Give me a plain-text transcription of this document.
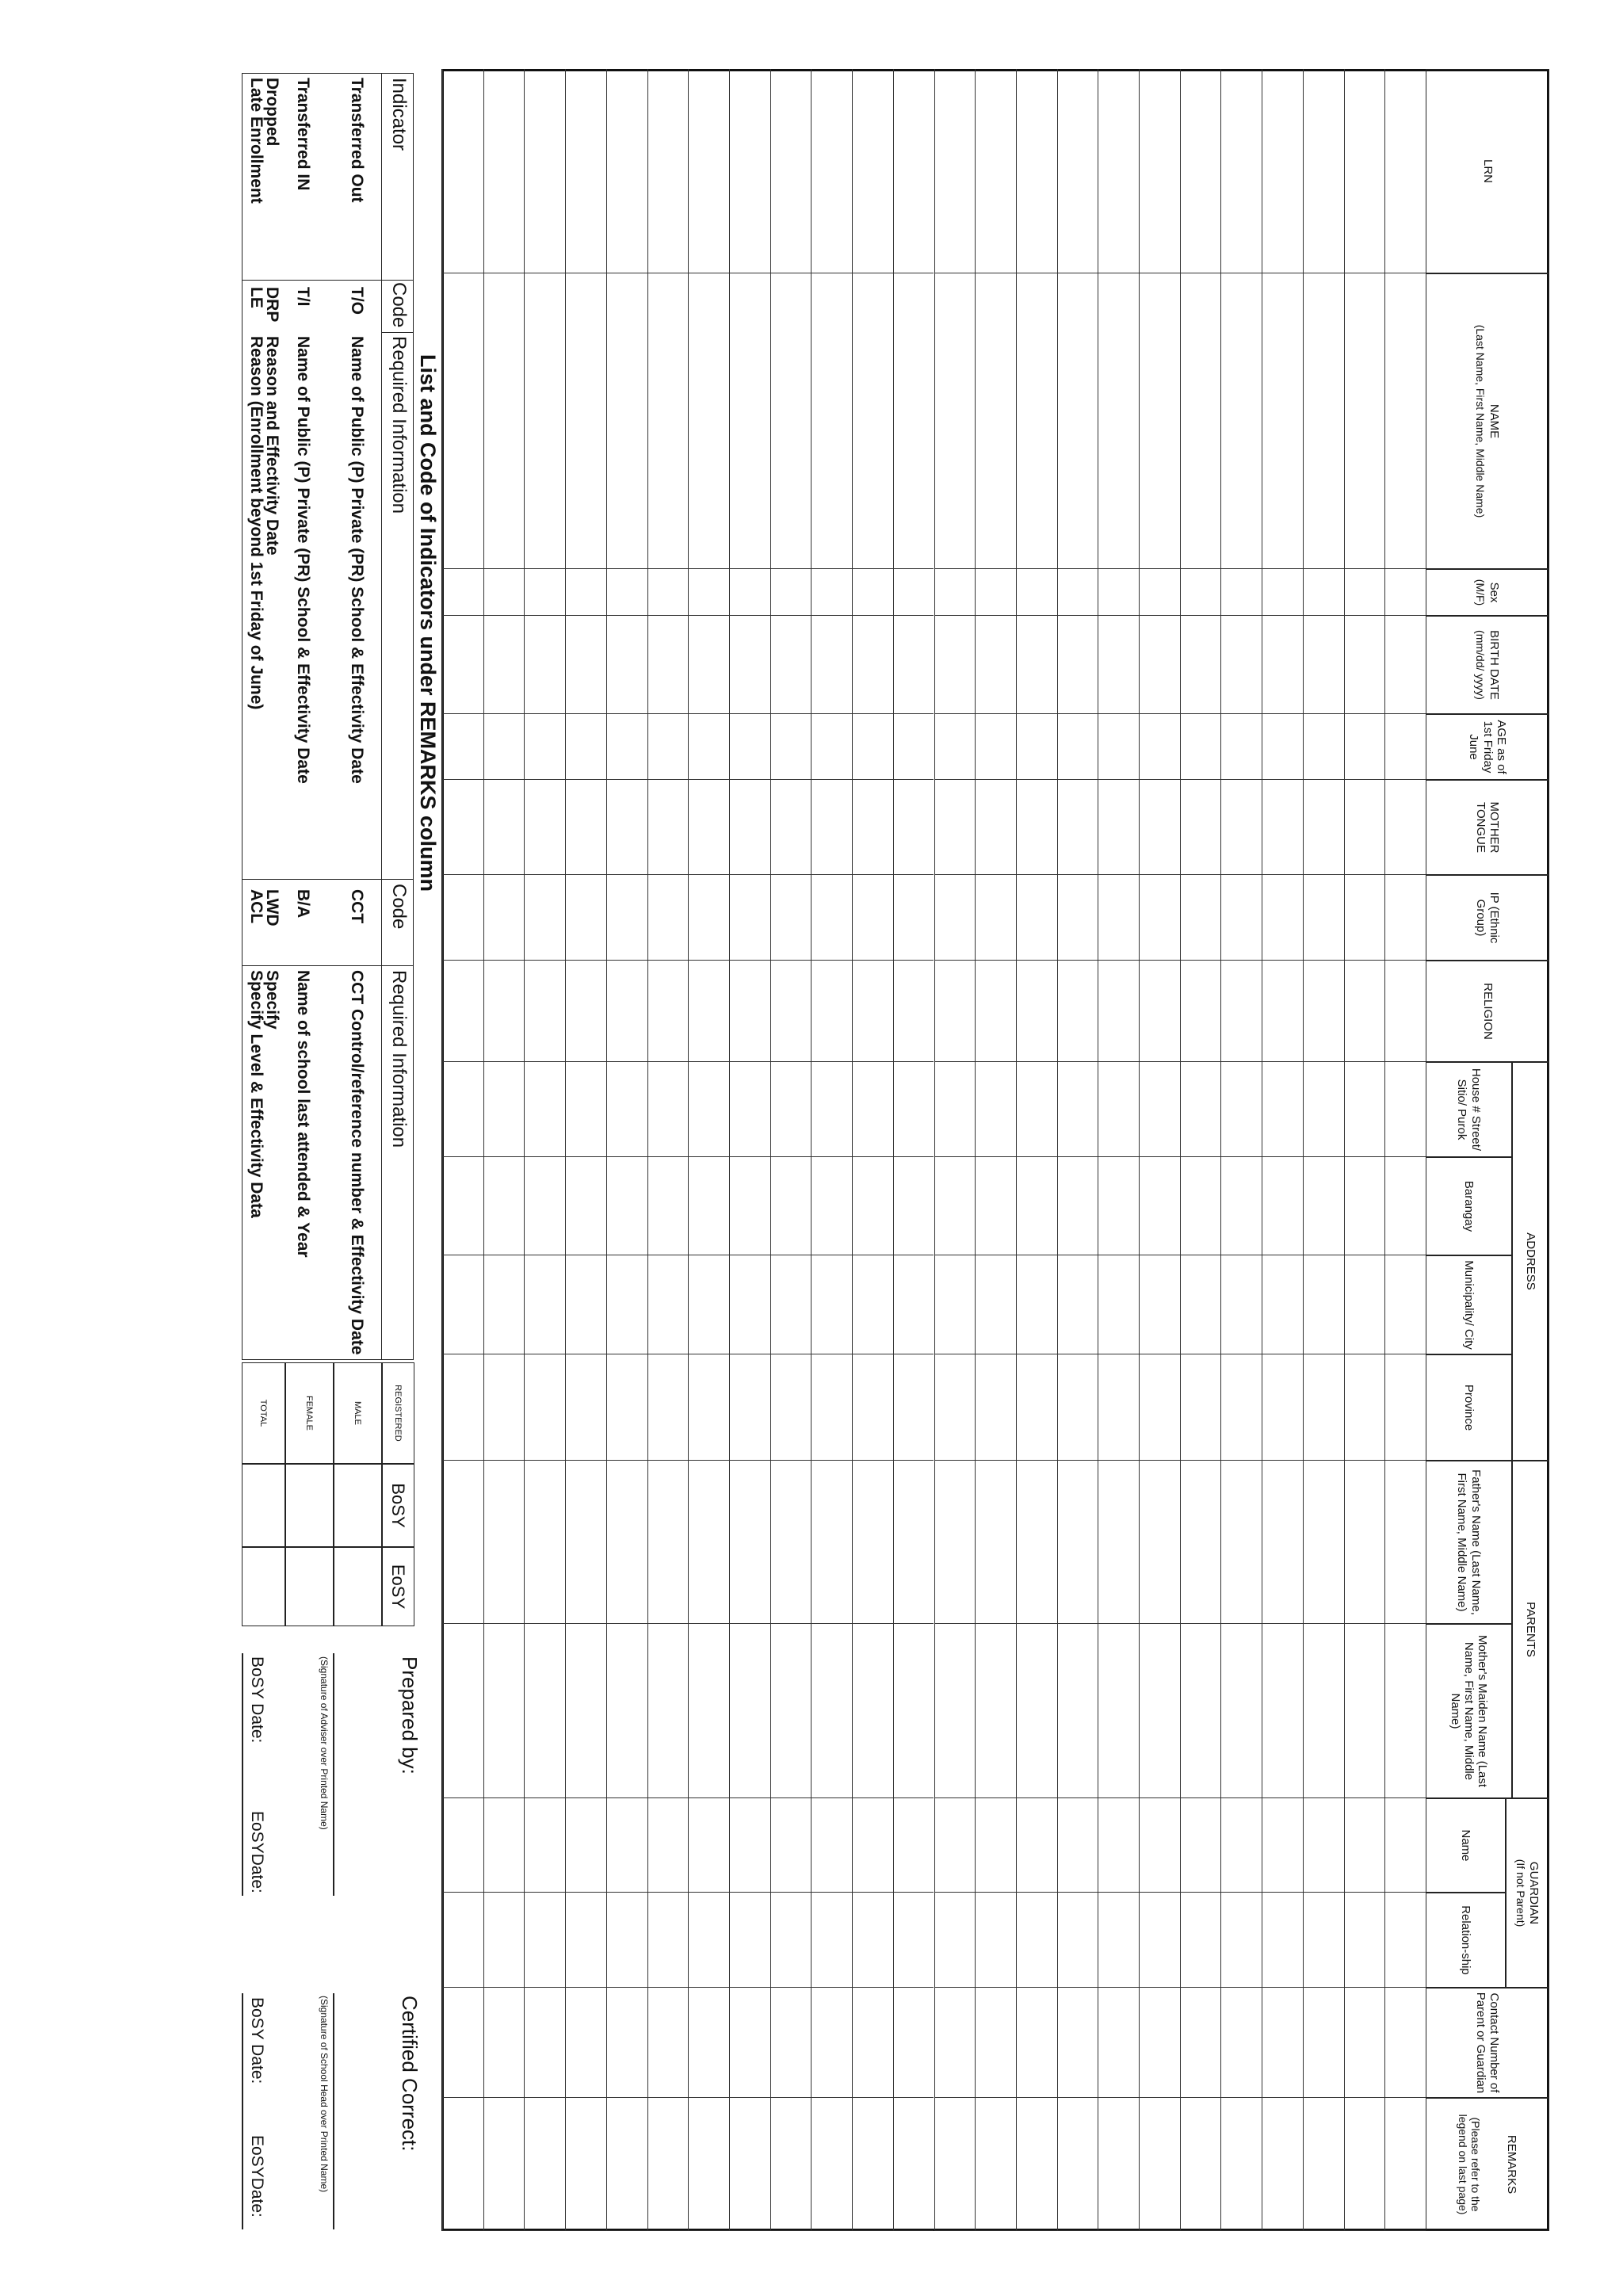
LRN
NAME
(Last Name, First Name, Middle Name)
Sex
(M/F)
BIRTH DATE
(mm/dd/ yyyy)
AGE as of 1st Friday June
MOTHER TONGUE
IP (Ethnic Group)
RELIGION
ADDRESS
House # Street/ Sitio/ Purok
Barangay
Municipality/ City
Province
PARENTS
Father's Name (Last Name, First Name, Middle Name)
Mother's Maiden Name (Last Name, First Name, Middle Name)
GUARDIAN
(If not Parent)
Name
Relation-ship
Contact Number of Parent or Guardian
REMARKS
(Please refer to the legend on last page)
List and Code of Indicators under REMARKS column
Indicator
Code
Required Information
Code
Required Information
Transferred Out
T/O
Name of Public (P) Private (PR) School & Effectivity Date
Transferred IN
T/I
Name of Public (P) Private (PR) School & Effectivity Date
Dropped
DRP
Reason and Effectivity Date
Late Enrollment
LE
Reason (Enrollment beyond 1st Friday of June)
CCT
CCT Control/reference number & Effectivity Date
B/A
Name of school last attended & Year
LWD
Specify
ACL
Specify Level & Effectivity Data
REGISTERED
BoSY
EoSY
MALE
FEMALE
TOTAL
Prepared by:
(Signature of Adviser over Printed Name)
BoSY Date:
EoSYDate:
Certified Correct:
(Signature of School Head over Printed Name)
BoSY Date:
EoSYDate:
